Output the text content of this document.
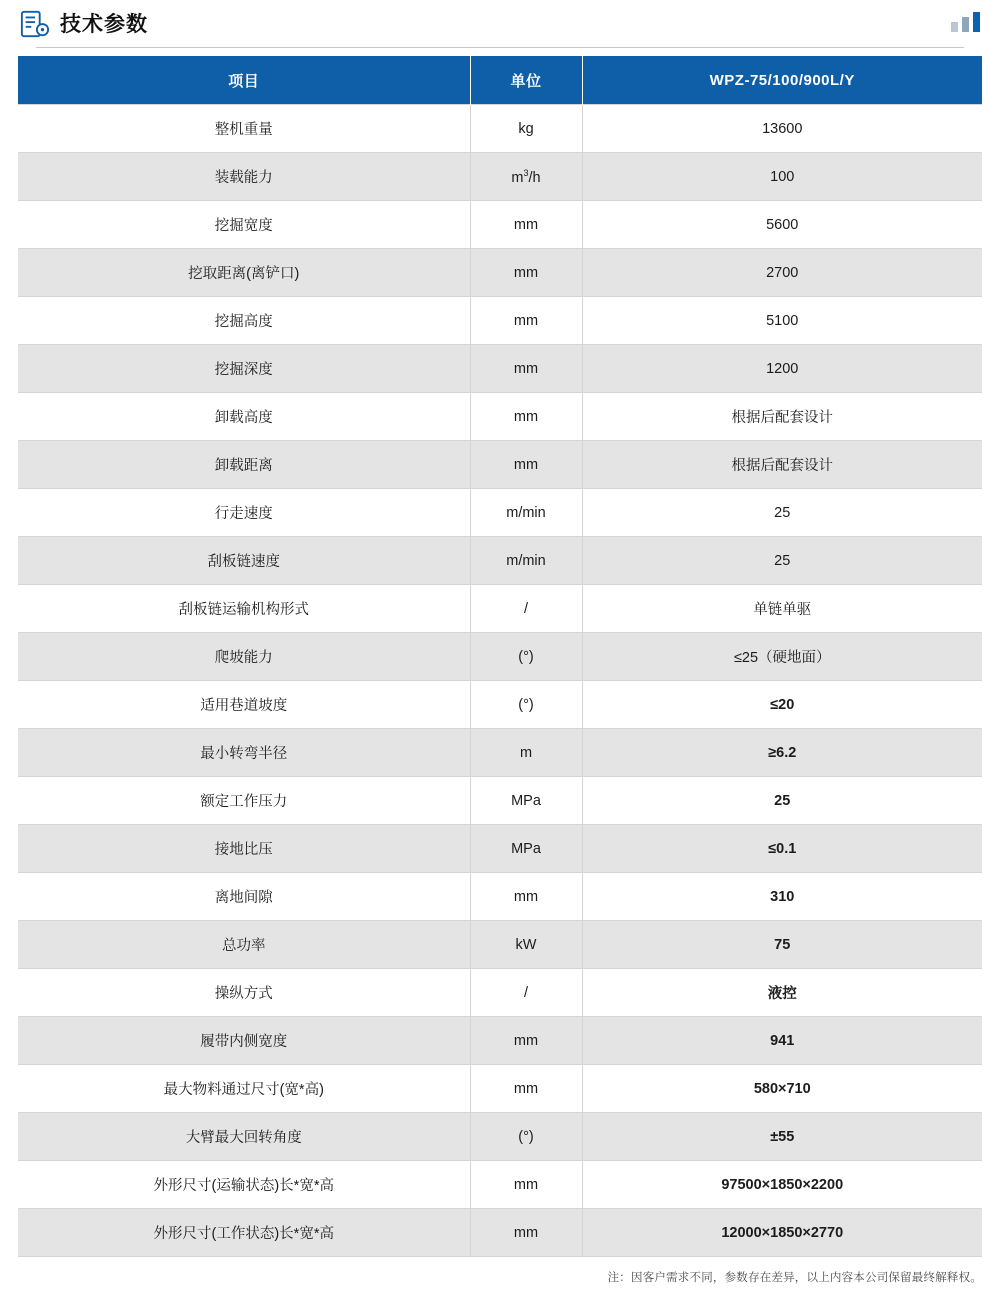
技术参数
项目	单位	WPZ-75/100/900L/Y
整机重量	kg	13600
装载能力	$m^3/h$	100
挖掘宽度	mm	5600
挖取距离(离铲口)	mm	2700
挖掘高度	mm	5100
挖掘深度	mm	1200
卸载高度	mm	根据后配套设计
卸载距离	mm	根据后配套设计
行走速度	m/min	25
刮板链速度	m/min	25
刮板链运输机构形式	/	单链单驱
爬坡能力	(°)	≤25（硬地面）
适用巷道坡度	(°)	≤20
最小转弯半径	m	≥6.2
额定工作压力	MPa	25
接地比压	MPa	≤0.1
离地间隙	mm	310
总功率	kW	75
操纵方式	/	液控
履带内侧宽度	mm	941
最大物料通过尺寸(宽*高)	mm	580×710
大臂最大回转角度	(°)	±55
外形尺寸(运输状态)长*宽*高	mm	97500×1850×2200
外形尺寸(工作状态)长*宽*高	mm	12000×1850×2770
注：因客户需求不同，参数存在差异，以上内容本公司保留最终解释权。
